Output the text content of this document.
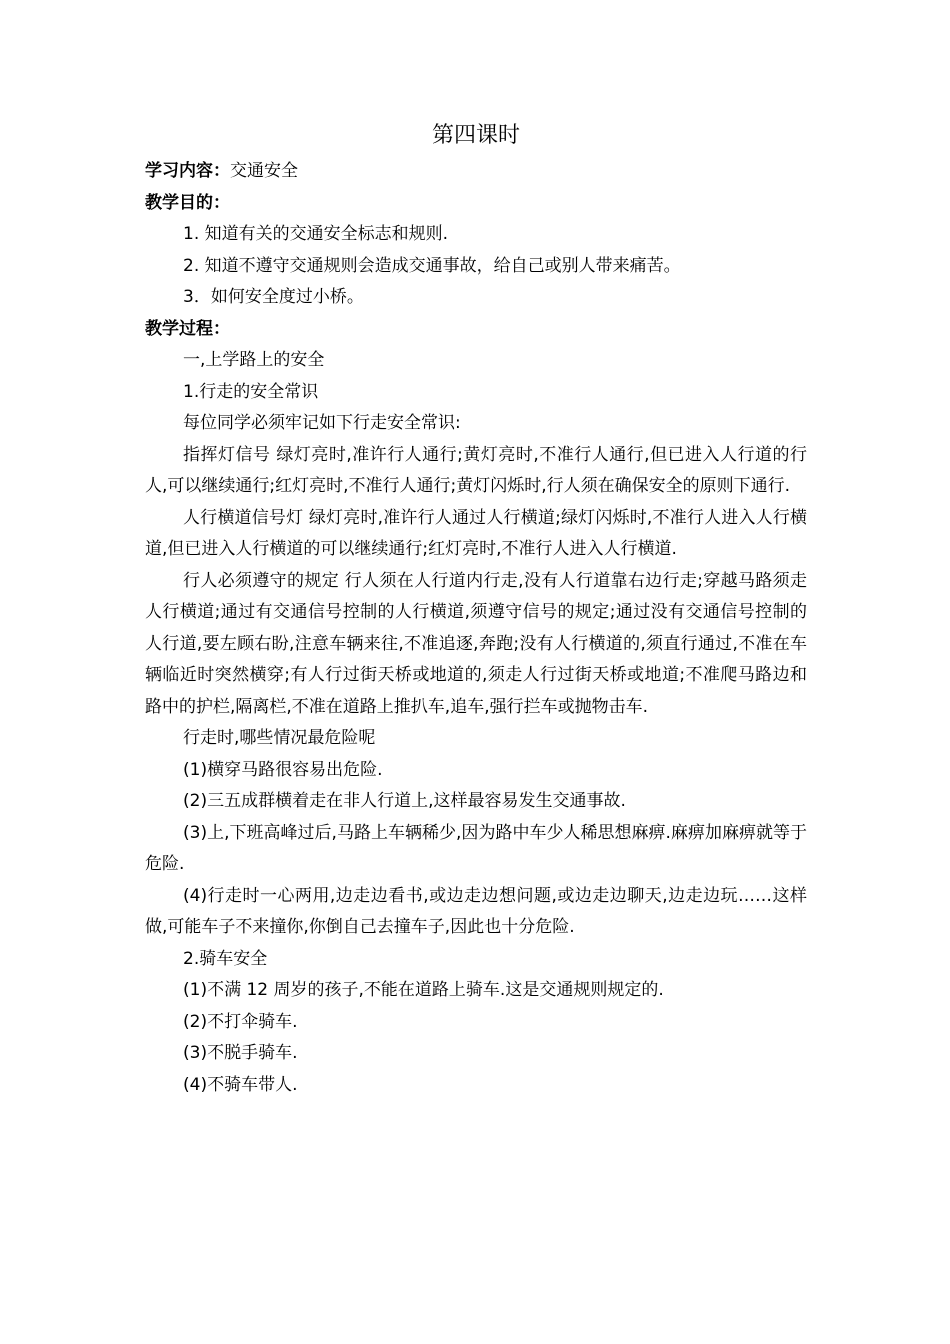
第四课时

学习内容：交通安全

教学目的：

1. 知道有关的交通安全标志和规则.

2. 知道不遵守交通规则会造成交通事故，给自己或别人带来痛苦。

3．如何安全度过小桥。

教学过程：

一,上学路上的安全

1.行走的安全常识

每位同学必须牢记如下行走安全常识:

指挥灯信号 绿灯亮时,准许行人通行;黄灯亮时,不准行人通行,但已进入人行道的行人,可以继续通行;红灯亮时,不准行人通行;黄灯闪烁时,行人须在确保安全的原则下通行.

人行横道信号灯 绿灯亮时,准许行人通过人行横道;绿灯闪烁时,不准行人进入人行横道,但已进入人行横道的可以继续通行;红灯亮时,不准行人进入人行横道.

行人必须遵守的规定 行人须在人行道内行走,没有人行道靠右边行走;穿越马路须走人行横道;通过有交通信号控制的人行横道,须遵守信号的规定;通过没有交通信号控制的人行道,要左顾右盼,注意车辆来往,不准追逐,奔跑;没有人行横道的,须直行通过,不准在车辆临近时突然横穿;有人行过街天桥或地道的,须走人行过街天桥或地道;不准爬马路边和路中的护栏,隔离栏,不准在道路上推扒车,追车,强行拦车或抛物击车.

行走时,哪些情况最危险呢

(1)横穿马路很容易出危险.

(2)三五成群横着走在非人行道上,这样最容易发生交通事故.

(3)上,下班高峰过后,马路上车辆稀少,因为路中车少人稀思想麻痹.麻痹加麻痹就等于危险.

(4)行走时一心两用,边走边看书,或边走边想问题,或边走边聊天,边走边玩……这样做,可能车子不来撞你,你倒自己去撞车子,因此也十分危险.

2.骑车安全

(1)不满 12 周岁的孩子,不能在道路上骑车.这是交通规则规定的.

(2)不打伞骑车.

(3)不脱手骑车.

(4)不骑车带人.
